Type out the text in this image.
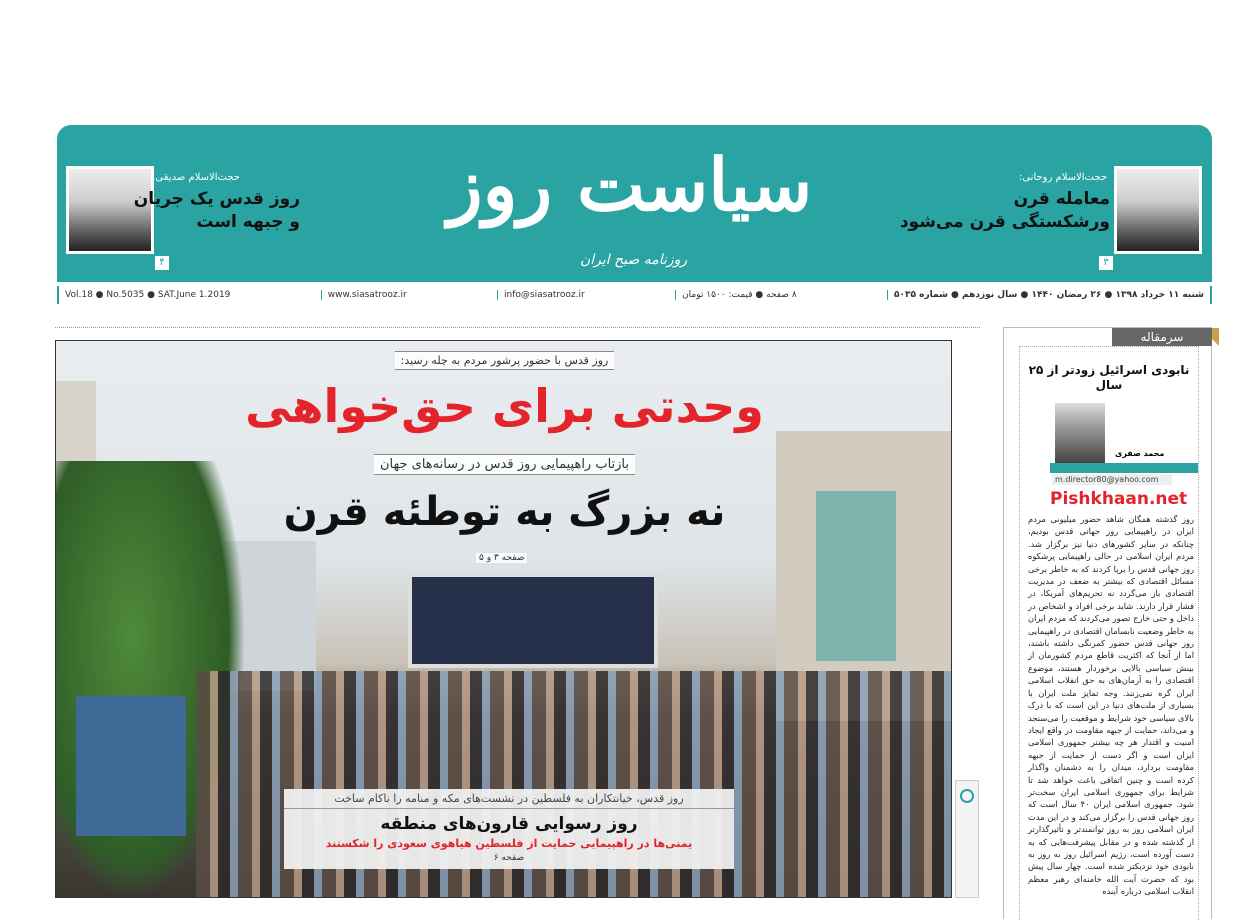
۴
حجت‌الاسلام صدیقی:
روز قدس یک جریان
و جبهه است
۳
حجت‌الاسلام روحانی:
معامله قرن
ورشکستگی قرن می‌شود
سیاست روز
روزنامه صبح ایران
شنبه ۱۱ خرداد ۱۳۹۸ ● ۲۶ رمضان ۱۴۴۰ ● سال نوزدهم ● شماره ۵۰۳۵
۸ صفحه ● قیمت: ۱۵۰۰ تومان
info@siasatrooz.ir
www.siasatrooz.ir
Vol.18 ● No.5035 ● SAT.June 1.2019
روز قدس با حضور پرشور مردم به چله رسید:
وحدتی برای حق‌خواهی
بازتاب راهپیمایی روز قدس در رسانه‌های جهان
نه بزرگ به توطئه قرن
صفحه ۳ و ۵
روز قدس، خیانتکاران به فلسطین در نشست‌های مکه و منامه را ناکام ساخت
روز رسوایی قارون‌های منطقه
یمنی‌ها در راهپیمایی حمایت از فلسطین هیاهوی سعودی را شکستند
صفحه ۶
سرمقاله
نابودی اسرائیل زودتر از ۲۵ سال
محمد صفری
m.director80@yahoo.com
Pishkhaan.net
روز گذشته همگان شاهد حضور میلیونی مردم ایران در راهپیمایی روز جهانی قدس بودیم، چنانکه در سایر کشورهای دنیا نیز برگزار شد. مردم ایران اسلامی در حالی راهپیمایی پرشکوه روز جهانی قدس را برپا کردند که به خاطر برخی مسائل اقتصادی که بیشتر به ضعف در مدیریت اقتصادی باز می‌گردد نه تحریم‌های آمریکا، در فشار قرار دارند. شاید برخی افراد و اشخاص در داخل و حتی خارج تصور می‌کردند که مردم ایران به خاطر وضعیت نابسامان اقتصادی در راهپیمایی روز جهانی قدس حضور کمرنگی داشته باشند، اما از آنجا که اکثریت قاطع مردم کشورمان از بینش سیاسی بالایی برخوردار هستند، موضوع اقتصادی را به آرمان‌های به حق انقلاب اسلامی ایران گره نمی‌زنند. وجه تمایز ملت ایران با بسیاری از ملت‌های دنیا در این است که با درک بالای سیاسی خود شرایط و موقعیت را می‌سنجد و می‌داند، حمایت از جبهه مقاومت در واقع ایجاد امنیت و اقتدار هر چه بیشتر جمهوری اسلامی ایران است و اگر دست از حمایت از جبهه مقاومت بردارد، میدان را به دشمنان واگذار کرده است و چنین اتفاقی باعث خواهد شد تا شرایط برای جمهوری اسلامی ایران سخت‌تر شود. جمهوری اسلامی ایران ۴۰ سال است که روز جهانی قدس را برگزار می‌کند و در این مدت ایران اسلامی روز به روز توانمندتر و تأثیرگذارتر از گذشته شده و در مقابل پیشرفت‌هایی که به دست آورده است، رژیم اسرائیل روز به روز به نابودی خود نزدیکتر شده است. چهار سال پیش بود که حضرت آیت الله خامنه‌ای رهبر معظم انقلاب اسلامی درباره آینده
